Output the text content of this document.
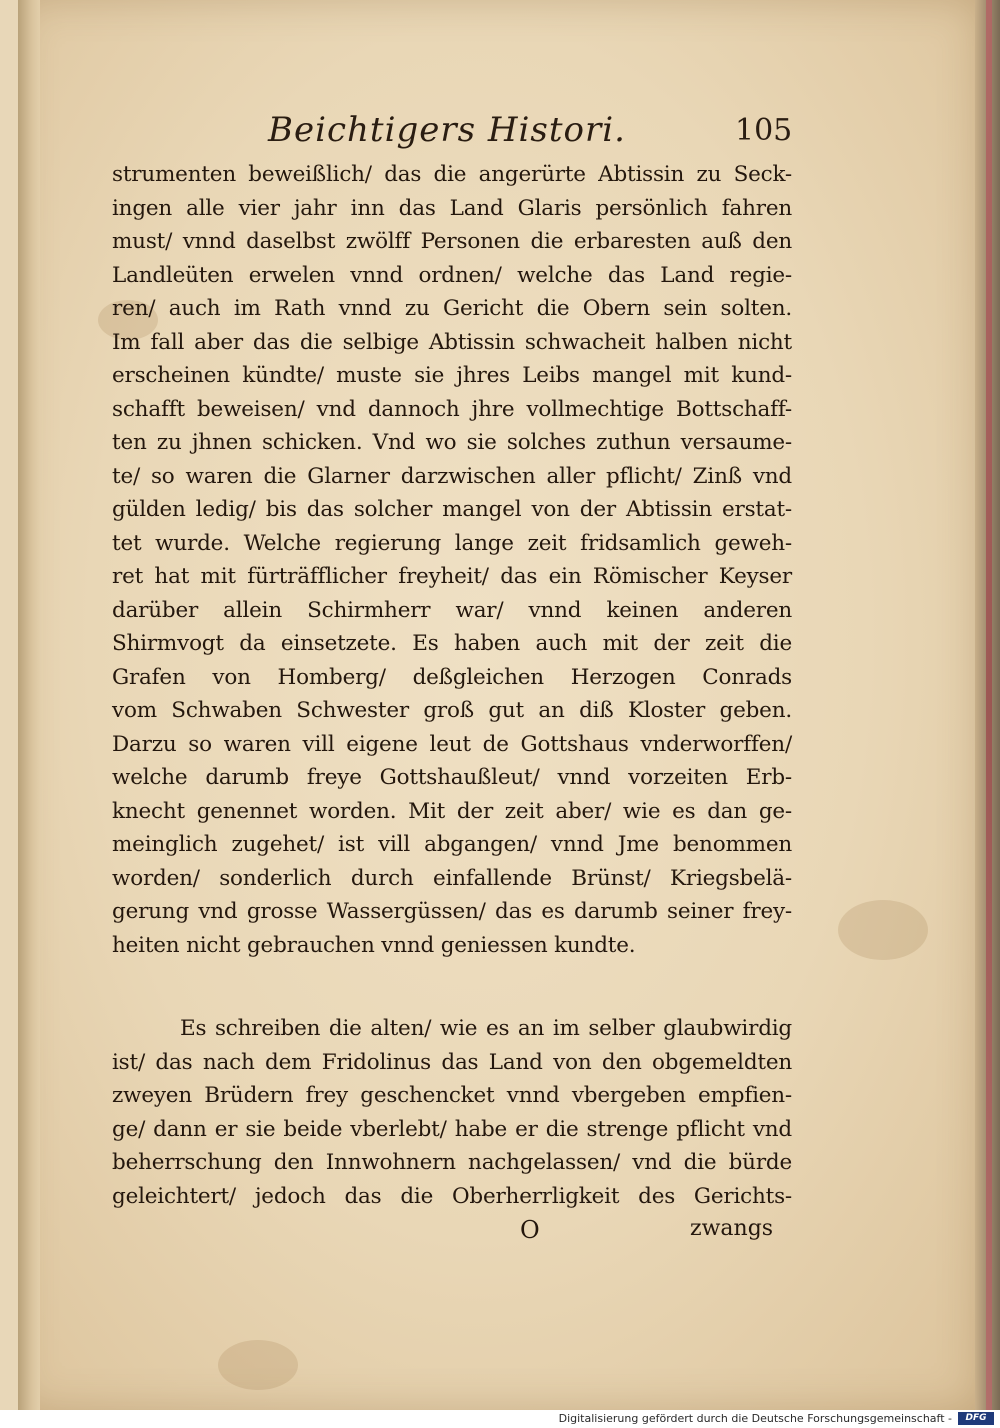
Beichtigers Histori.	105
strumenten beweißlich/ das die angerürte Abtissin zu Seck-
ingen alle vier jahr inn das Land Glaris persönlich fahren
must/ vnnd daselbst zwölff Personen die erbaresten auß den
Landleüten erwelen vnnd ordnen/ welche das Land regie-
ren/ auch im Rath vnnd zu Gericht die Obern sein solten.
Im fall aber das die selbige Abtissin schwacheit halben nicht
erscheinen kündte/ muste sie jhres Leibs mangel mit kund-
schafft beweisen/ vnd dannoch jhre vollmechtige Bottschaff-
ten zu jhnen schicken. Vnd wo sie solches zuthun versaume-
te/ so waren die Glarner darzwischen aller pflicht/ Zinß vnd
gülden ledig/ bis das solcher mangel von der Abtissin erstat-
tet wurde. Welche regierung lange zeit fridsamlich geweh-
ret hat mit fürträfflicher freyheit/ das ein Römischer Keyser
darüber allein Schirmherr war/ vnnd keinen anderen
Shirmvogt da einsetzete. Es haben auch mit der zeit die
Grafen von Homberg/ deßgleichen Herzogen Conrads
vom Schwaben Schwester groß gut an diß Kloster geben.
Darzu so waren vill eigene leut de Gottshaus vnderworffen/
welche darumb freye Gottshaußleut/ vnnd vorzeiten Erb-
knecht genennet worden. Mit der zeit aber/ wie es dan ge-
meinglich zugehet/ ist vill abgangen/ vnnd Jme benommen
worden/ sonderlich durch einfallende Brünst/ Kriegsbelä-
gerung vnd grosse Wassergüssen/ das es darumb seiner frey-
heiten nicht gebrauchen vnnd geniessen kundte.
Es schreiben die alten/ wie es an im selber glaubwirdig
ist/ das nach dem Fridolinus das Land von den obgemeldten
zweyen Brüdern frey geschencket vnnd vbergeben empfien-
ge/ dann er sie beide vberlebt/ habe er die strenge pflicht vnd
beherrschung den Innwohnern nachgelassen/ vnd die bürde
geleichtert/ jedoch das die Oberherrligkeit des Gerichts-
O	zwangs
Digitalisierung gefördert durch die Deutsche Forschungsgemeinschaft -	DFG
